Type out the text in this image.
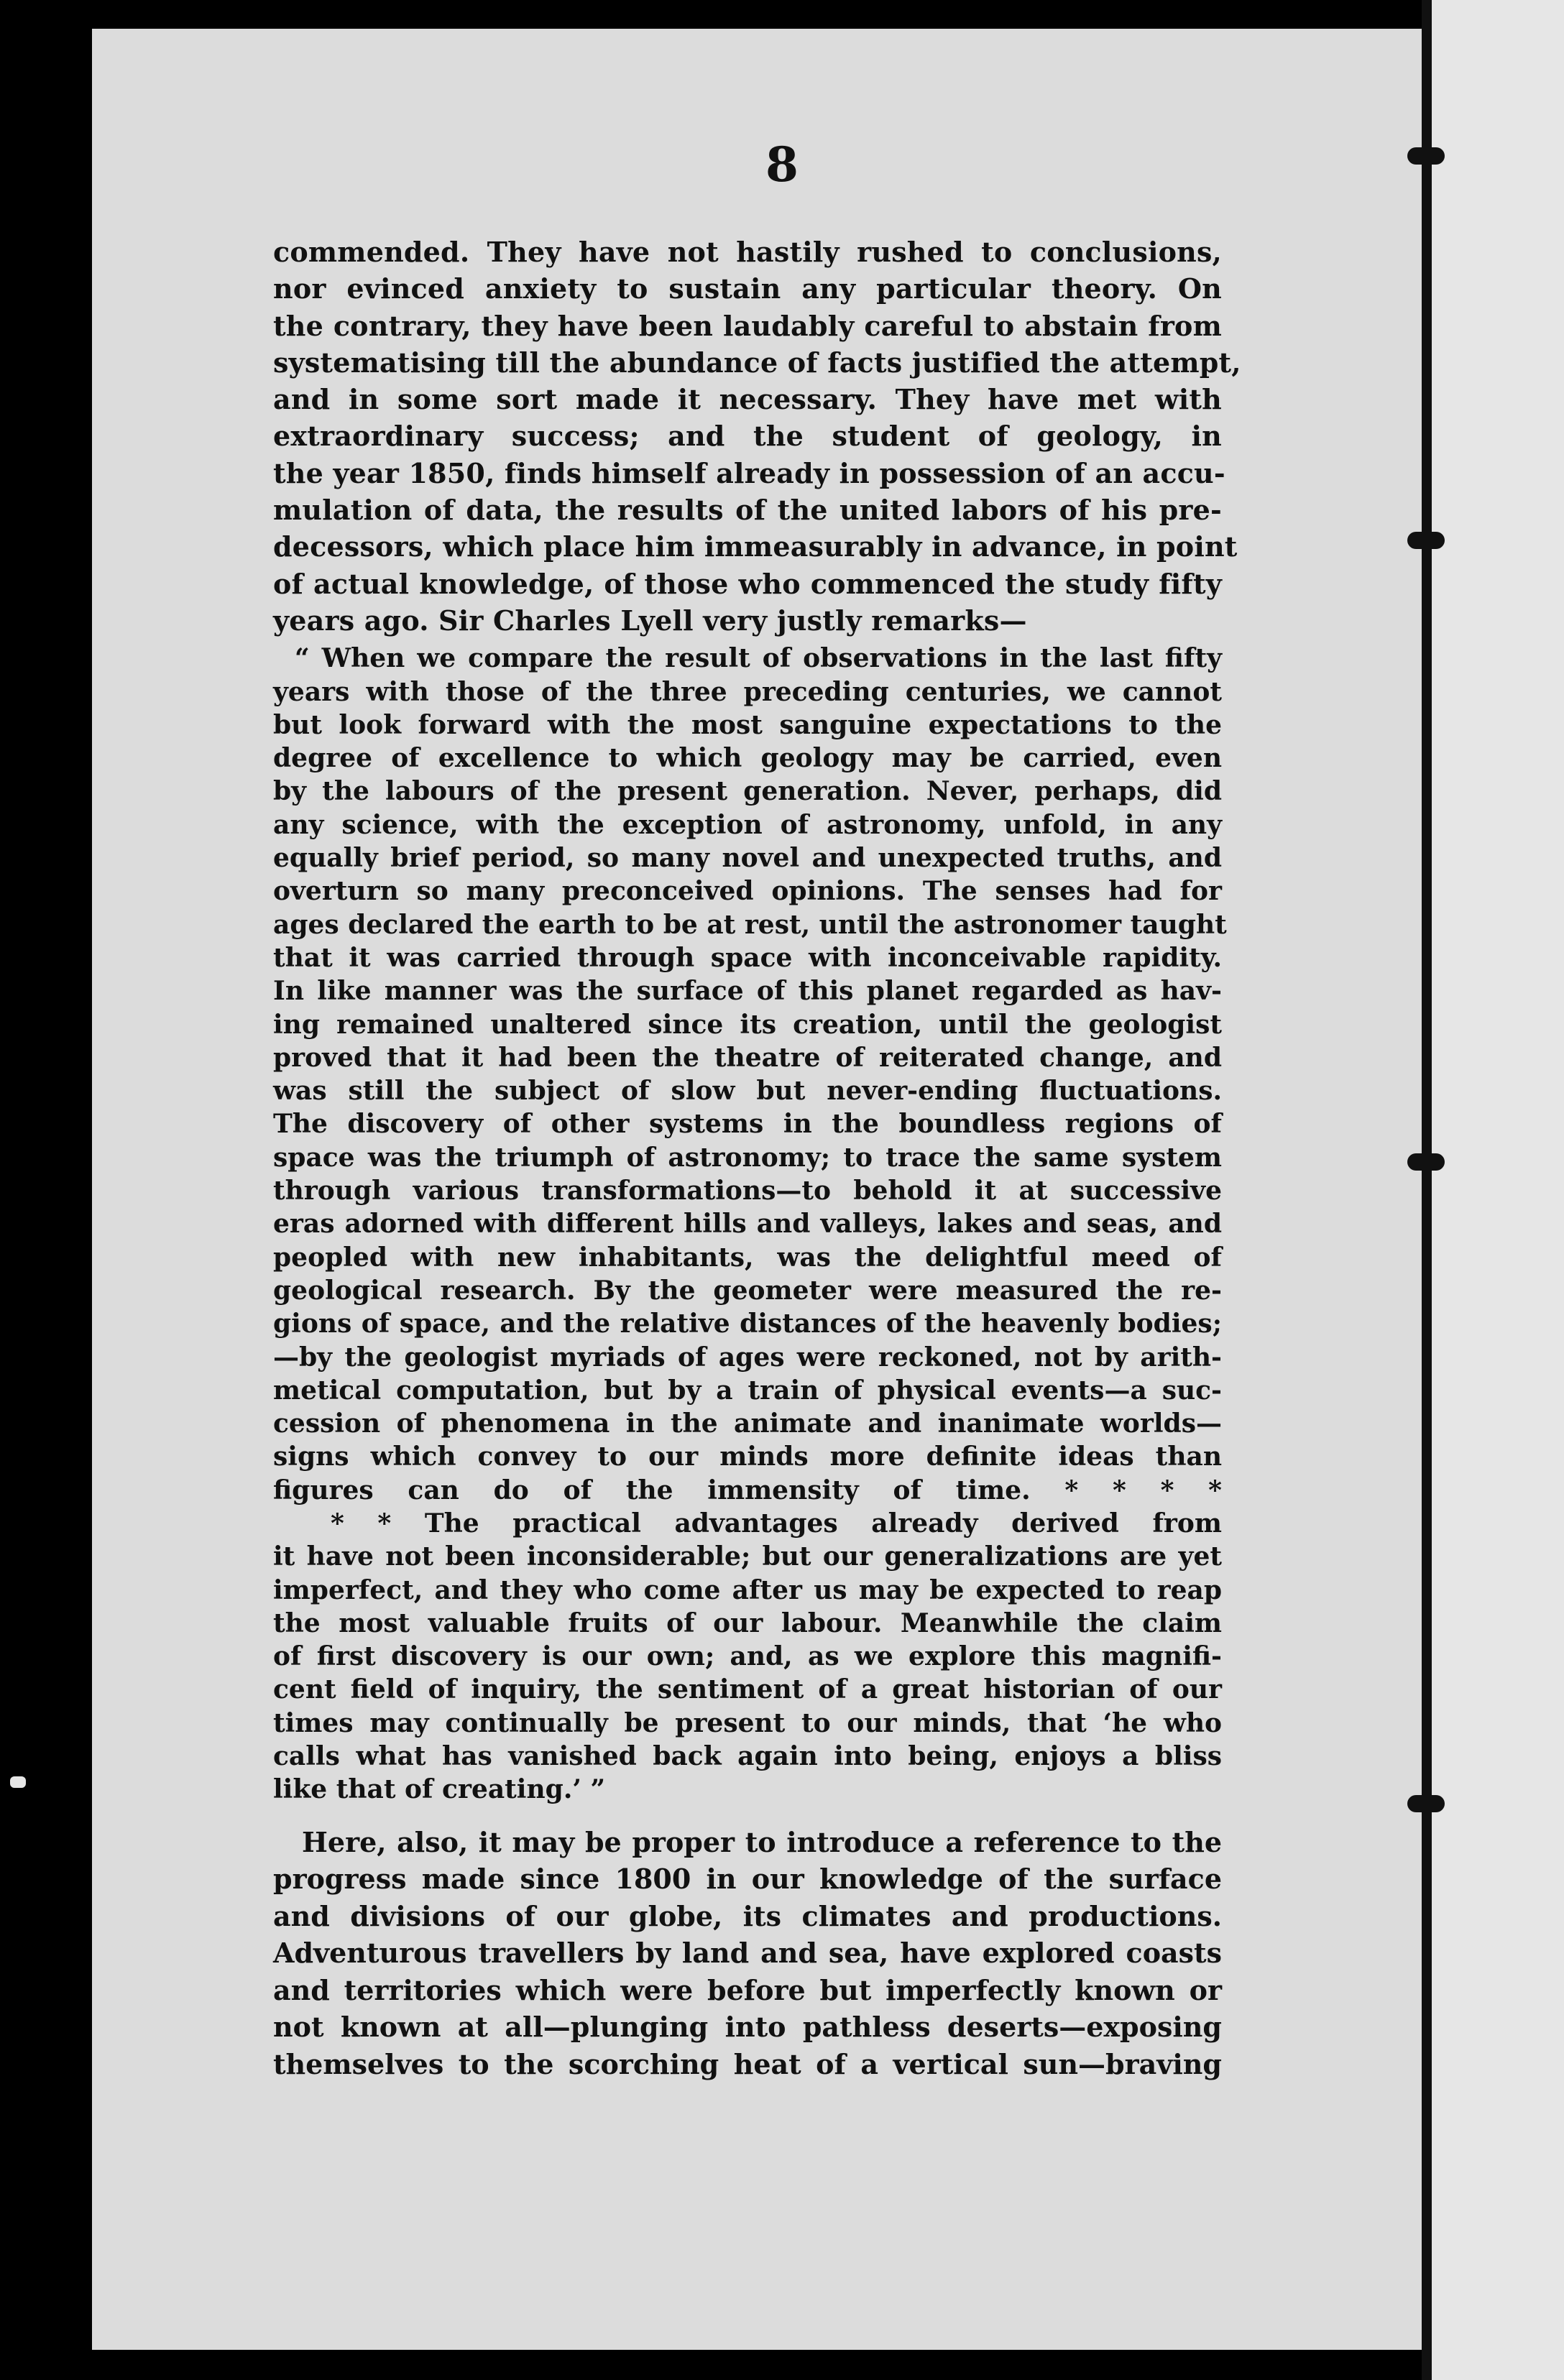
8

commended. They have not hastily rushed to conclusions,
nor evinced anxiety to sustain any particular theory. On
the contrary, they have been laudably careful to abstain from
systematising till the abundance of facts justified the attempt,
and in some sort made it necessary. They have met with
extraordinary success; and the student of geology, in
the year 1850, finds himself already in possession of an accu-
mulation of data, the results of the united labors of his pre-
decessors, which place him immeasurably in advance, in point
of actual knowledge, of those who commenced the study fifty
years ago. Sir Charles Lyell very justly remarks—

“ When we compare the result of observations in the last fifty
years with those of the three preceding centuries, we cannot
but look forward with the most sanguine expectations to the
degree of excellence to which geology may be carried, even
by the labours of the present generation. Never, perhaps, did
any science, with the exception of astronomy, unfold, in any
equally brief period, so many novel and unexpected truths, and
overturn so many preconceived opinions. The senses had for
ages declared the earth to be at rest, until the astronomer taught
that it was carried through space with inconceivable rapidity.
In like manner was the surface of this planet regarded as hav-
ing remained unaltered since its creation, until the geologist
proved that it had been the theatre of reiterated change, and
was still the subject of slow but never-ending fluctuations.
The discovery of other systems in the boundless regions of
space was the triumph of astronomy; to trace the same system
through various transformations—to behold it at successive
eras adorned with different hills and valleys, lakes and seas, and
peopled with new inhabitants, was the delightful meed of
geological research. By the geometer were measured the re-
gions of space, and the relative distances of the heavenly bodies;
—by the geologist myriads of ages were reckoned, not by arith-
metical computation, but by a train of physical events—a suc-
cession of phenomena in the animate and inanimate worlds—
signs which convey to our minds more definite ideas than
figures can do of the immensity of time. * * * *
* * The practical advantages already derived from
it have not been inconsiderable; but our generalizations are yet
imperfect, and they who come after us may be expected to reap
the most valuable fruits of our labour. Meanwhile the claim
of first discovery is our own; and, as we explore this magnifi-
cent field of inquiry, the sentiment of a great historian of our
times may continually be present to our minds, that ‘he who
calls what has vanished back again into being, enjoys a bliss
like that of creating.’ ”

Here, also, it may be proper to introduce a reference to the
progress made since 1800 in our knowledge of the surface
and divisions of our globe, its climates and productions.
Adventurous travellers by land and sea, have explored coasts
and territories which were before but imperfectly known or
not known at all—plunging into pathless deserts—exposing
themselves to the scorching heat of a vertical sun—braving
